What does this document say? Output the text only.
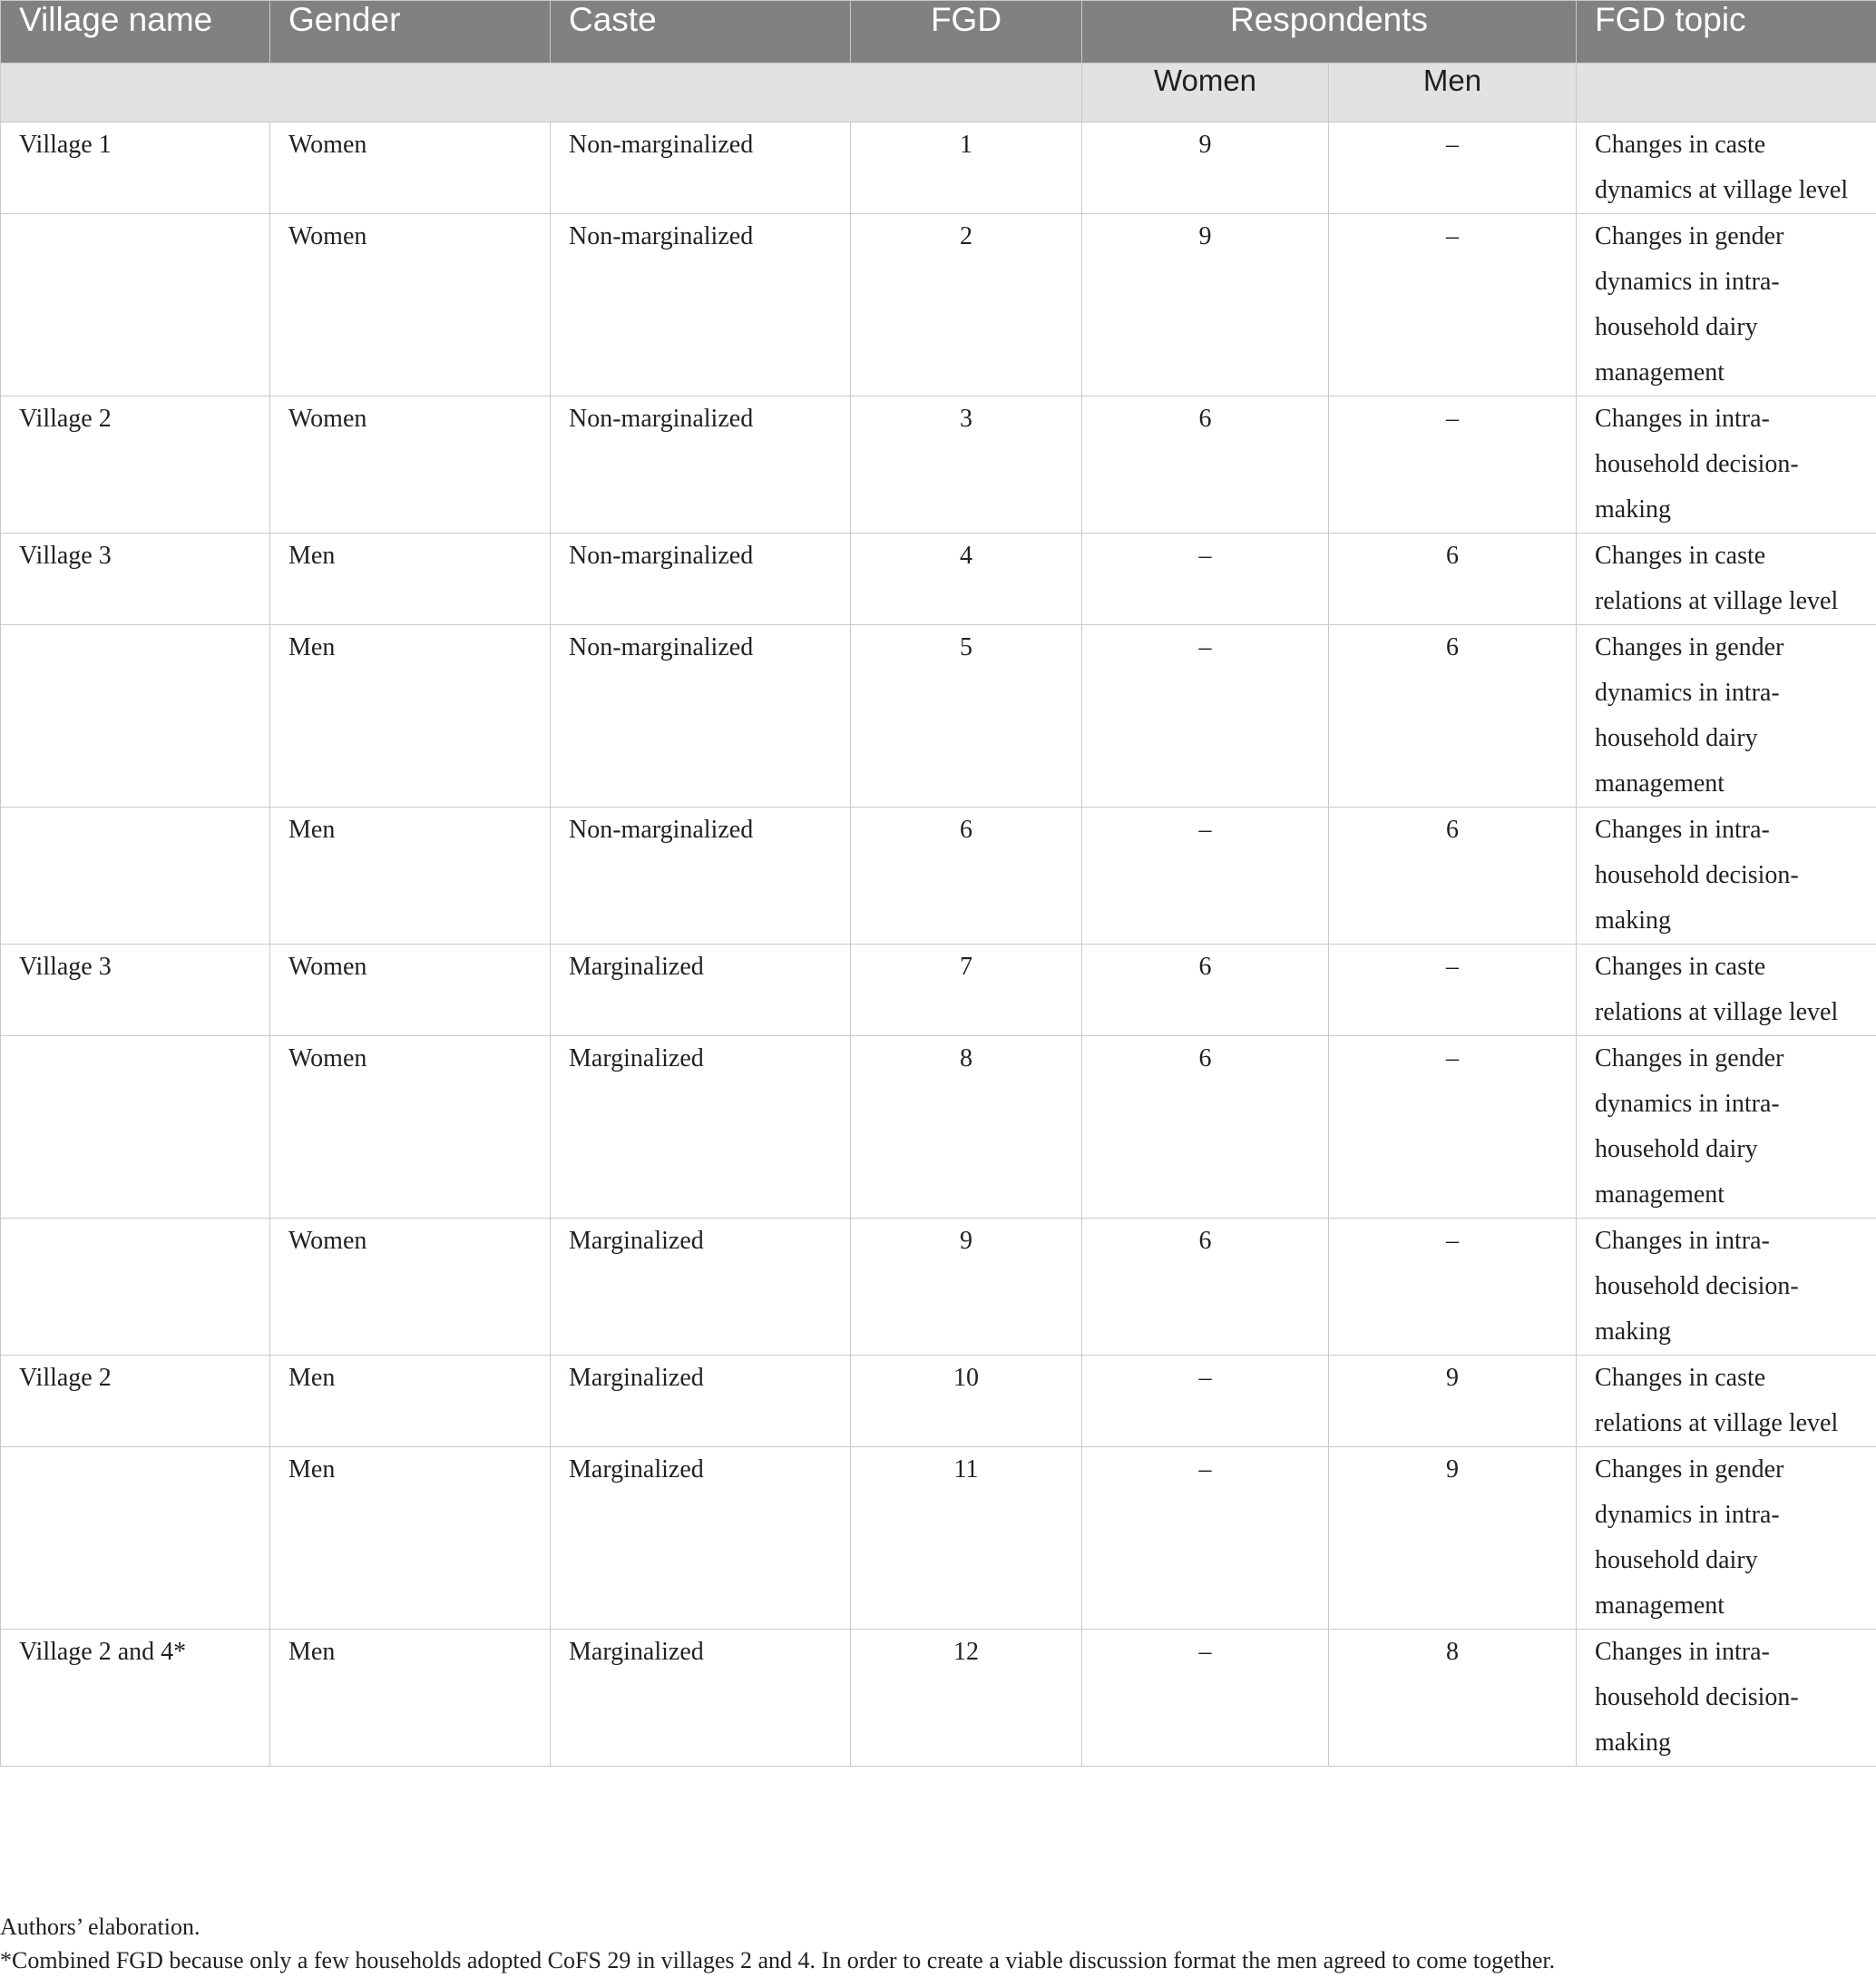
Village name	Gender	Caste	FGD	Respondents		FGD topic
				Women	Men	
Village 1	Women	Non-marginalized	1	9	–	Changes in caste dynamics at village level
	Women	Non-marginalized	2	9	–	Changes in gender dynamics in intra-household dairy management
Village 2	Women	Non-marginalized	3	6	–	Changes in intra-household decision-making
Village 3	Men	Non-marginalized	4	–	6	Changes in caste relations at village level
	Men	Non-marginalized	5	–	6	Changes in gender dynamics in intra-household dairy management
	Men	Non-marginalized	6	–	6	Changes in intra-household decision-making
Village 3	Women	Marginalized	7	6	–	Changes in caste relations at village level
	Women	Marginalized	8	6	–	Changes in gender dynamics in intra-household dairy management
	Women	Marginalized	9	6	–	Changes in intra-household decision-making
Village 2	Men	Marginalized	10	–	9	Changes in caste relations at village level
	Men	Marginalized	11	–	9	Changes in gender dynamics in intra-household dairy management
Village 2 and 4*	Men	Marginalized	12	–	8	Changes in intra-household decision-making

Authors’ elaboration.

*Combined FGD because only a few households adopted CoFS 29 in villages 2 and 4. In order to create a viable discussion format the men agreed to come together.
